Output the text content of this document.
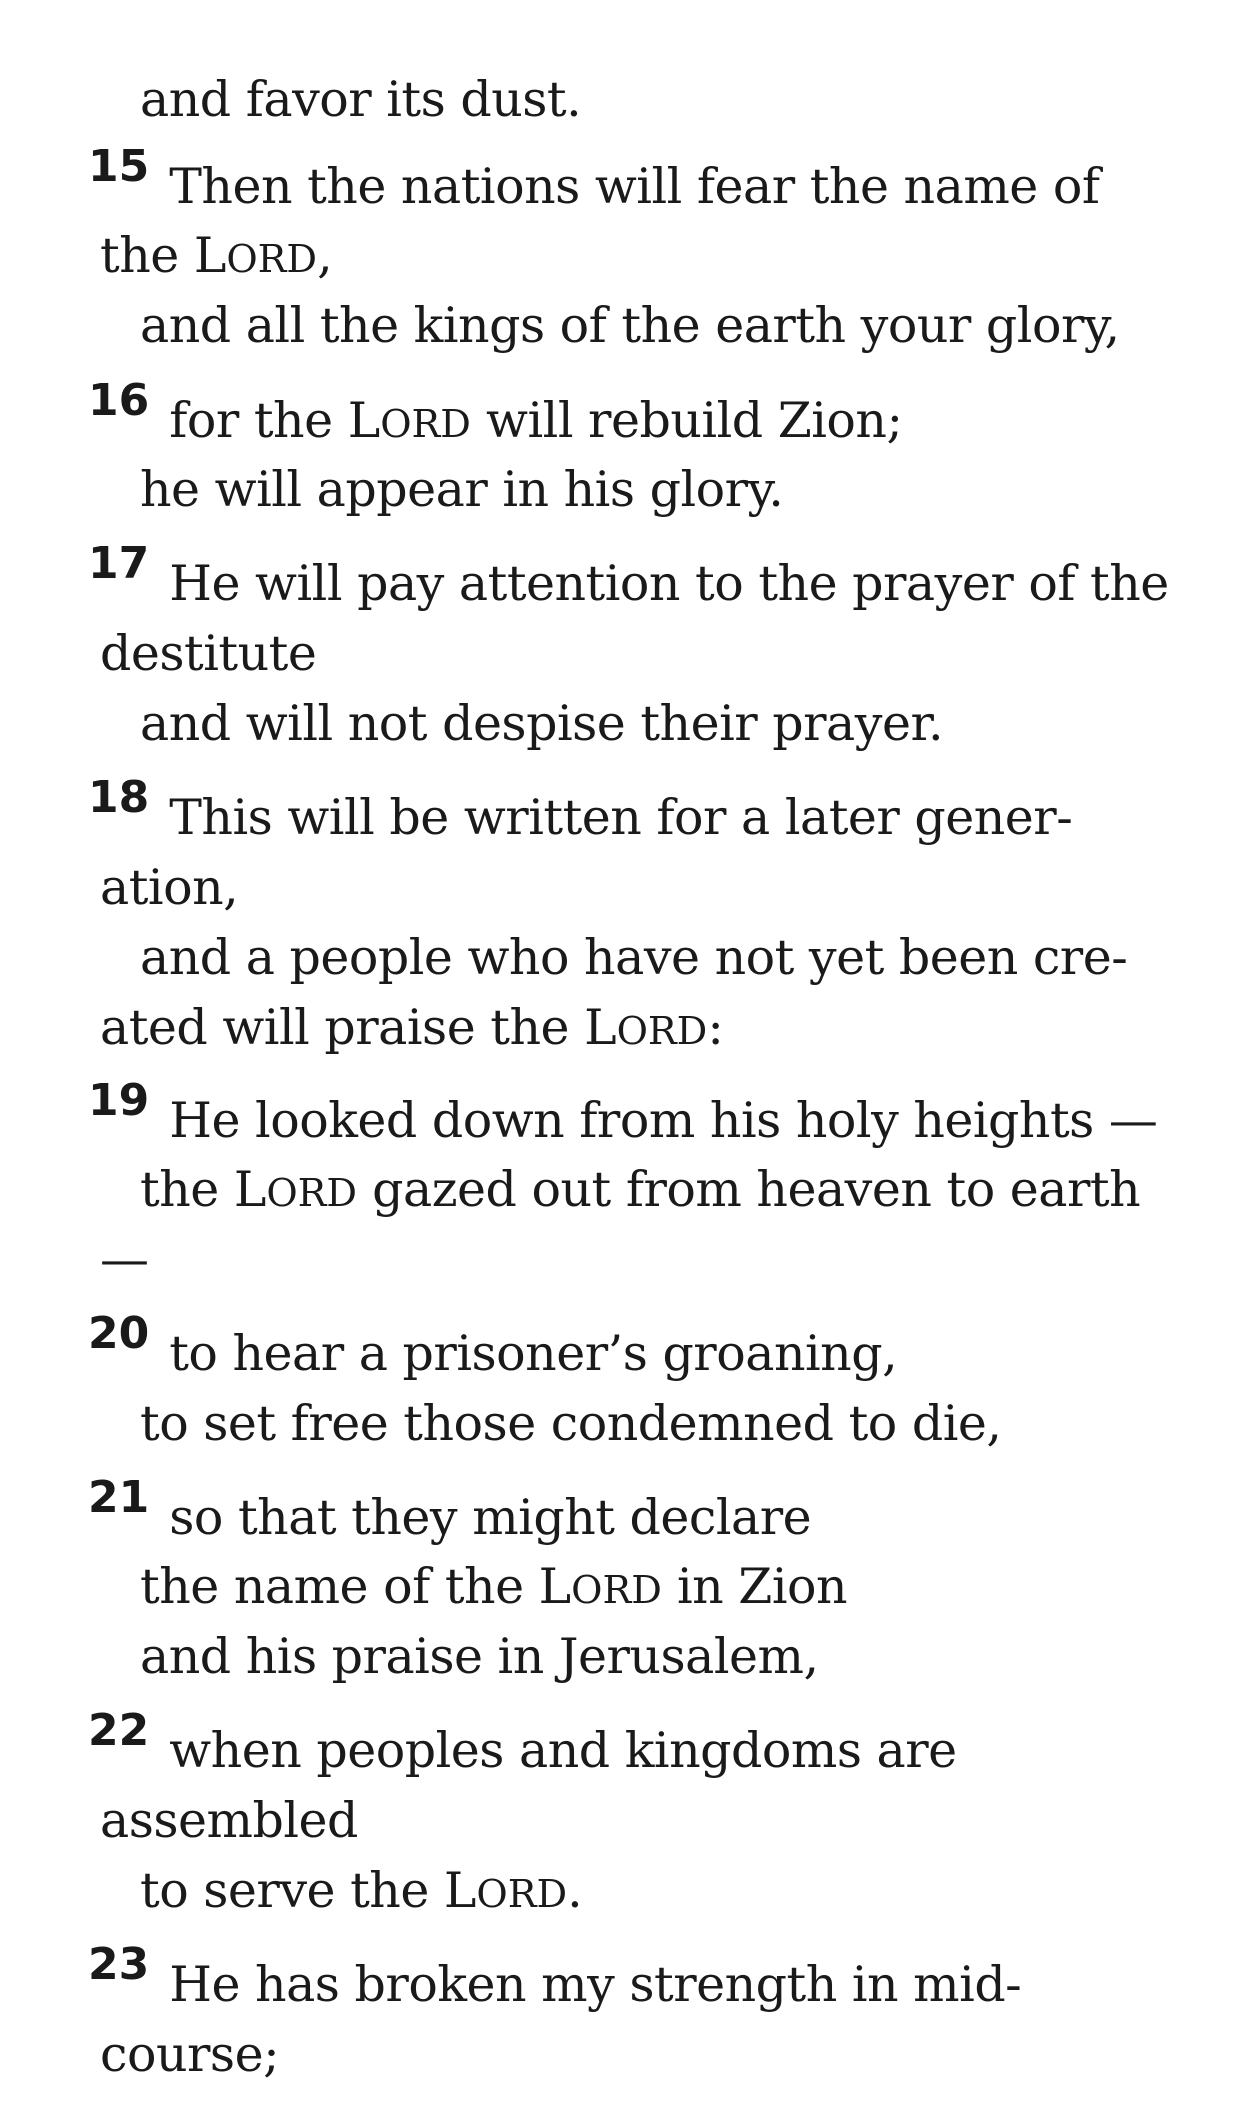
and favor its dust.
15 Then the nations will fear the name of
the LORD,
and all the kings of the earth your glory,
16 for the LORD will rebuild Zion;
he will appear in his glory.
17 He will pay attention to the prayer of the
destitute
and will not despise their prayer.
18 This will be written for a later gener-
ation,
and a people who have not yet been cre-
ated will praise the LORD:
19 He looked down from his holy heights —
the LORD gazed out from heaven to earth
—
20 to hear a prisoner’s groaning,
to set free those condemned to die,
21 so that they might declare
the name of the LORD in Zion
and his praise in Jerusalem,
22 when peoples and kingdoms are
assembled
to serve the LORD.
23 He has broken my strength in mid-
course;
